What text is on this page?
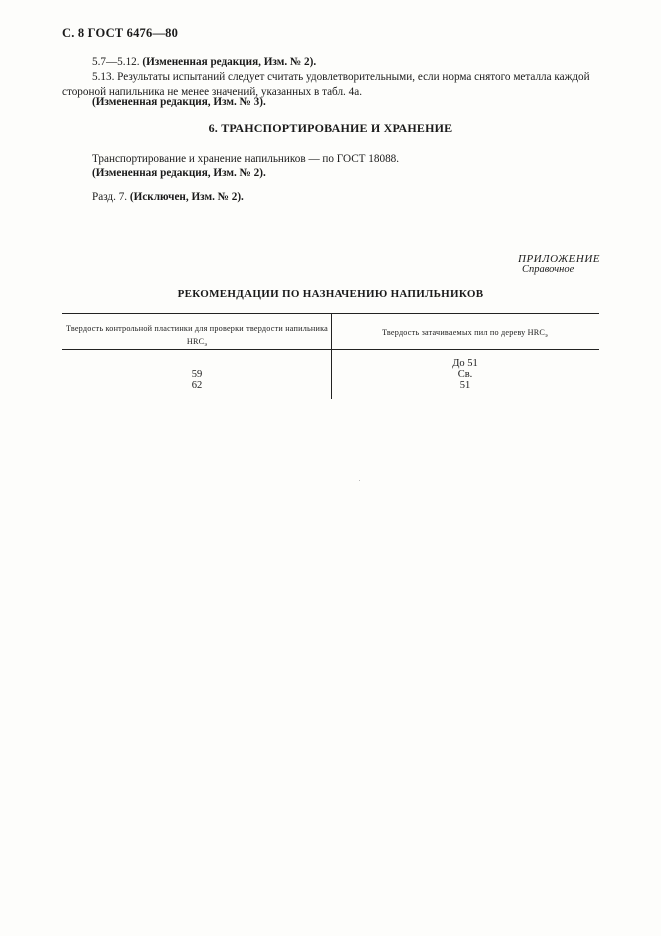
С. 8 ГОСТ 6476—80
5.7—5.12. (Измененная редакция, Изм. № 2).
5.13. Результаты испытаний следует считать удовлетворительными, если норма снятого металла каждой стороной напильника не менее значений, указанных в табл. 4а.
(Измененная редакция, Изм. № 3).
6. ТРАНСПОРТИРОВАНИЕ И ХРАНЕНИЕ
Транспортирование и хранение напильников — по ГОСТ 18088.
(Измененная редакция, Изм. № 2).
Разд. 7. (Исключен, Изм. № 2).
ПРИЛОЖЕНИЕ
Справочное
РЕКОМЕНДАЦИИ ПО НАЗНАЧЕНИЮ НАПИЛЬНИКОВ
Твердость контрольной пластинки для проверки твердости напильника $HRC_э$
Твердость затачиваемых пил по дереву $HRC_э$
59
62
До 51
Св.
51
